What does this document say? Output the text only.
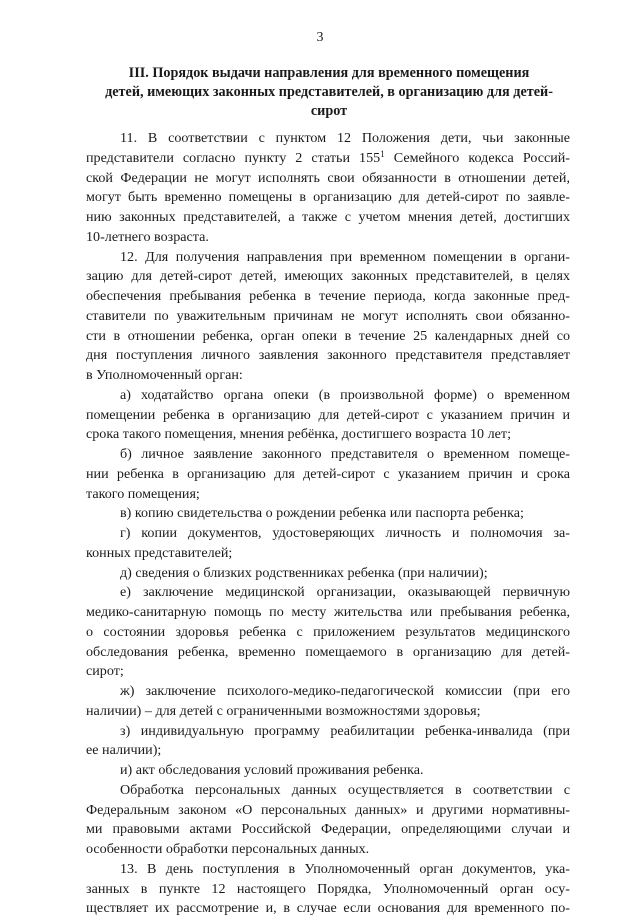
3
III. Порядок выдачи направления для временного помещения
детей, имеющих законных представителей, в организацию для детей-
сирот
11. В соответствии с пунктом 12 Положения дети, чьи законные
представители согласно пункту 2 статьи $155^1$ Семейного кодекса Россий-
ской Федерации не могут исполнять свои обязанности в отношении детей,
могут быть временно помещены в организацию для детей-сирот по заявле-
нию законных представителей, а также с учетом мнения детей, достигших
10-летнего возраста.
12. Для получения направления при временном помещении в органи-
зацию для детей-сирот детей, имеющих законных представителей, в целях
обеспечения пребывания ребенка в течение периода, когда законные пред-
ставители по уважительным причинам не могут исполнять свои обязанно-
сти в отношении ребенка, орган опеки в течение 25 календарных дней со
дня поступления личного заявления законного представителя представляет
в Уполномоченный орган:
а) ходатайство органа опеки (в произвольной форме) о временном
помещении ребенка в организацию для детей-сирот с указанием причин и
срока такого помещения, мнения ребёнка, достигшего возраста 10 лет;
б) личное заявление законного представителя о временном помеще-
нии ребенка в организацию для детей-сирот с указанием причин и срока
такого помещения;
в) копию свидетельства о рождении ребенка или паспорта ребенка;
г) копии документов, удостоверяющих личность и полномочия за-
конных представителей;
д) сведения о близких родственниках ребенка (при наличии);
е) заключение медицинской организации, оказывающей первичную
медико-санитарную помощь по месту жительства или пребывания ребенка,
о состоянии здоровья ребенка с приложением результатов медицинского
обследования ребенка, временно помещаемого в организацию для детей-
сирот;
ж) заключение психолого-медико-педагогической комиссии (при его
наличии) – для детей с ограниченными возможностями здоровья;
з) индивидуальную программу реабилитации ребенка-инвалида (при
ее наличии);
и) акт обследования условий проживания ребенка.
Обработка персональных данных осуществляется в соответствии с
Федеральным законом «О персональных данных» и другими нормативны-
ми правовыми актами Российской Федерации, определяющими случаи и
особенности обработки персональных данных.
13. В день поступления в Уполномоченный орган документов, ука-
занных в пункте 12 настоящего Порядка, Уполномоченный орган осу-
ществляет их рассмотрение и, в случае если основания для временного по-
